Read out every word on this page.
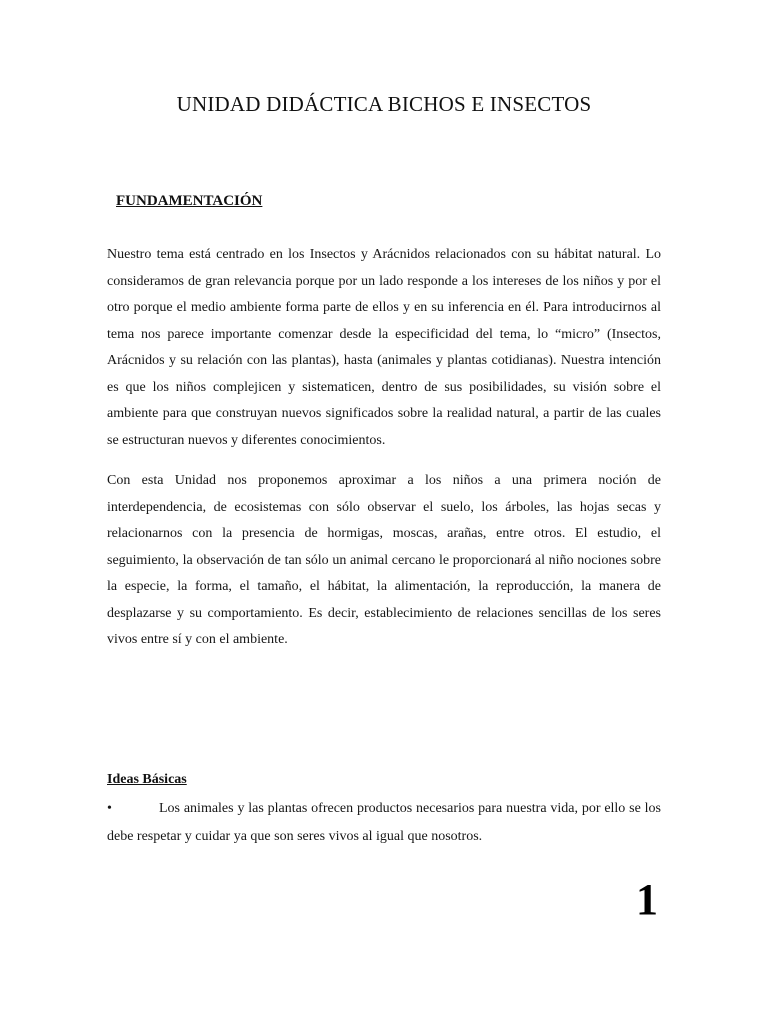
UNIDAD DIDÁCTICA BICHOS E INSECTOS
FUNDAMENTACIÓN

Nuestro tema está centrado en los Insectos y Arácnidos relacionados con su hábitat natural. Lo consideramos de gran relevancia porque por un lado responde a los intereses de los niños y por el otro porque el medio ambiente forma parte de ellos y en su inferencia en él. Para introducirnos al tema nos parece importante comenzar desde la especificidad del tema, lo “micro” (Insectos, Arácnidos y su relación con las plantas), hasta (animales y plantas cotidianas). Nuestra intención es que los niños complejicen y sistematicen, dentro de sus posibilidades, su visión sobre el ambiente para que construyan nuevos significados sobre la realidad natural, a partir de las cuales se estructuran nuevos y diferentes conocimientos.

Con esta Unidad nos proponemos aproximar a los niños a una primera noción de interdependencia, de ecosistemas con sólo observar el suelo, los árboles, las hojas secas y relacionarnos con la presencia de hormigas, moscas, arañas, entre otros. El estudio, el seguimiento, la observación de tan sólo un animal cercano le proporcionará al niño nociones sobre la especie, la forma, el tamaño, el hábitat, la alimentación, la reproducción, la manera de desplazarse y su comportamiento. Es decir, establecimiento de relaciones sencillas de los seres vivos entre sí y con el ambiente.

Ideas Básicas

•	Los animales y las plantas ofrecen productos necesarios para nuestra vida, por ello se los debe respetar y cuidar ya que son seres vivos al igual que nosotros.

1
